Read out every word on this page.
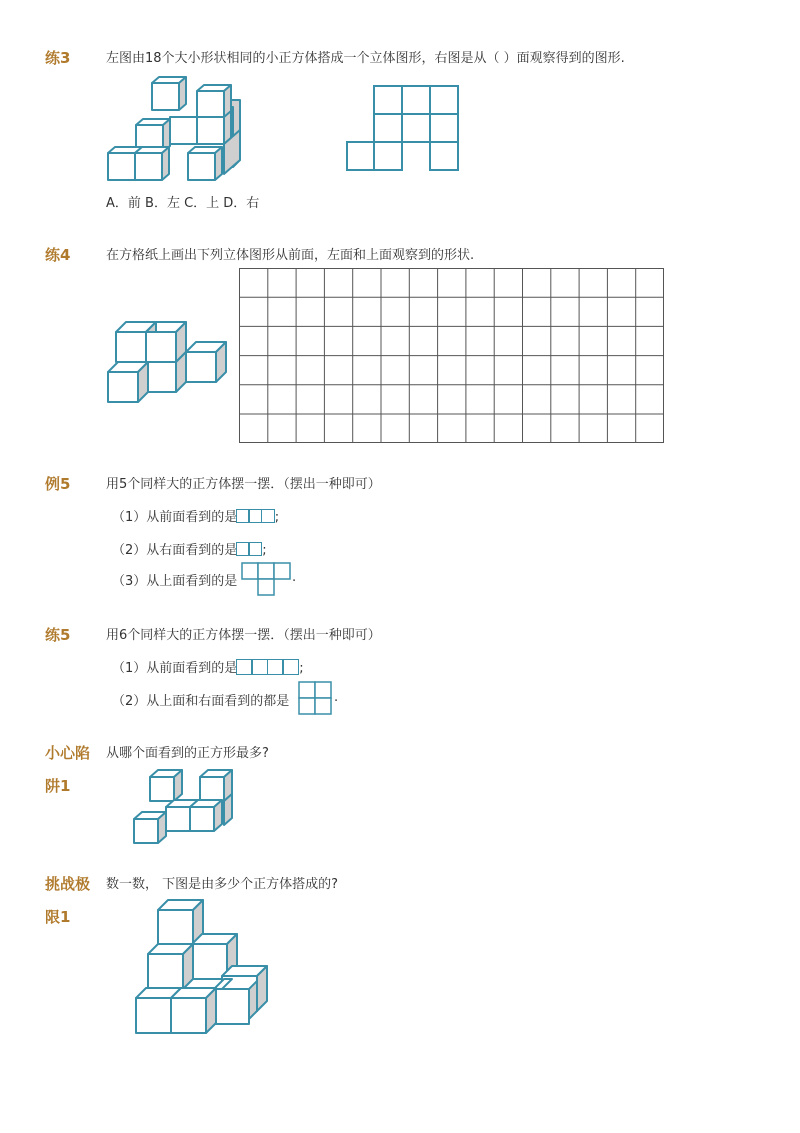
练3	左图由18个大小形状相同的小正方体搭成一个立体图形，右图是从（ ）面观察得到的图形.
A．前 B．左 C．上 D．右
练4	在方格纸上画出下列立体图形从前面，左面和上面观察到的形状.
例5	用5个同样大的正方体摆一摆．（摆出一种即可）
（1）从前面看到的是	;
（2）从右面看到的是 ;
（3）从上面看到的是	.
练5	用6个同样大的正方体摆一摆．（摆出一种即可）
（1）从前面看到的是	;
（2）从上面和右面看到的都是	.
小心陷
阱1
从哪个面看到的正方形最多?
挑战极
限1
数一数， 下图是由多少个正方体搭成的?
